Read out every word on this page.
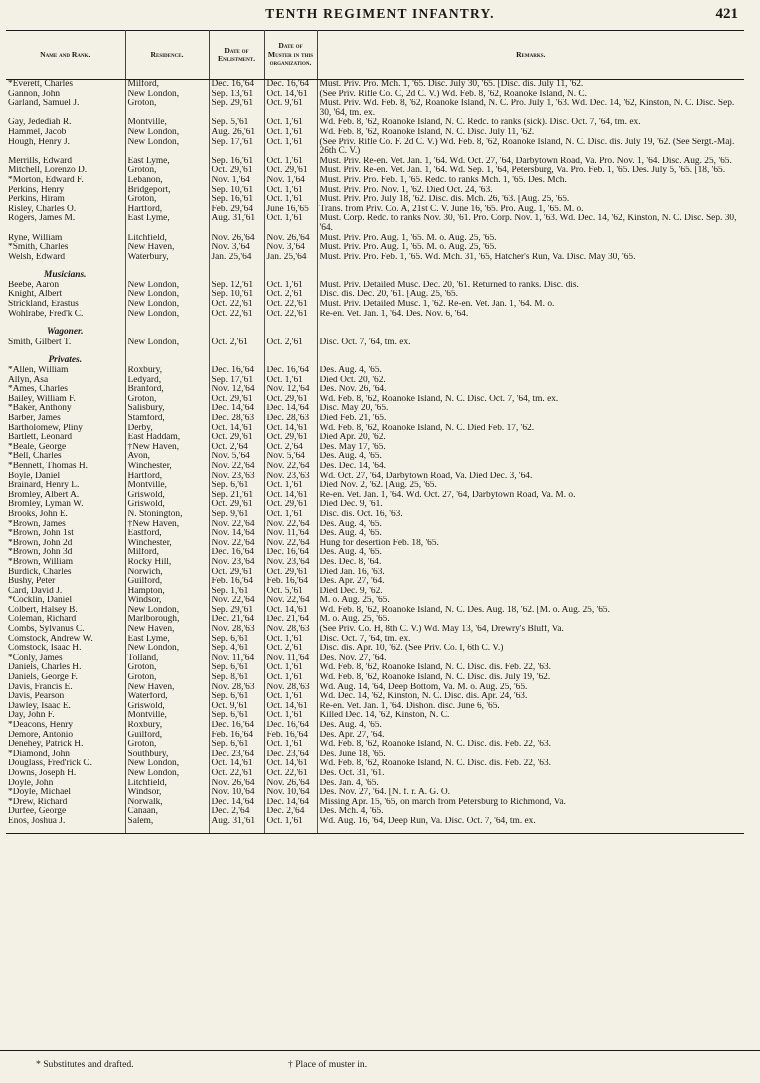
TENTH REGIMENT INFANTRY.	421
Name and Rank.	Residence.	Date of Enlistment.	Date of Muster in this organization.	Remarks.
*Everett, Charles	Milford,	Dec. 16,'64	Dec. 16,'64	Must. Priv. Pro. Mch. 1, '65. Disc. July 30, '65. [Disc. dis. July 11, '62.
Gannon, John	New London,	Sep. 13,'61	Oct. 14,'61	(See Priv. Rifle Co. C, 2d C. V.) Wd. Feb. 8, '62, Roanoke Island, N. C.
Garland, Samuel J.	Groton,	Sep. 29,'61	Oct. 9,'61	Must. Priv. Wd. Feb. 8, '62, Roanoke Island, N. C. Pro. July 1, '63. Wd. Dec. 14, '62, Kinston, N. C. Disc. Sep. 30, '64, tm. ex.
Gay, Jedediah R.	Montville,	Sep. 5,'61	Oct. 1,'61	Wd. Feb. 8, '62, Roanoke Island, N. C. Redc. to ranks (sick). Disc. Oct. 7, '64, tm. ex.
Hammel, Jacob	New London,	Aug. 26,'61	Oct. 1,'61	Wd. Feb. 8, '62, Roanoke Island, N. C. Disc. July 11, '62.
Hough, Henry J.	New London,	Sep. 17,'61	Oct. 1,'61	(See Priv. Rifle Co. F. 2d C. V.) Wd. Feb. 8, '62, Roanoke Island, N. C. Disc. dis. July 19, '62. (See Sergt.-Maj. 26th C. V.)
Merrills, Edward	East Lyme,	Sep. 16,'61	Oct. 1,'61	Must. Priv. Re-en. Vet. Jan. 1, '64. Wd. Oct. 27, '64, Darbytown Road, Va. Pro. Nov. 1, '64. Disc. Aug. 25, '65.
Mitchell, Lorenzo D.	Groton,	Oct. 29,'61	Oct. 29,'61	Must. Priv. Re-en. Vet. Jan. 1, '64. Wd. Sep. 1, '64, Petersburg, Va. Pro. Feb. 1, '65. Des. July 5, '65. [18, '65.
*Morton, Edward F.	Lebanon,	Nov. 1,'64	Nov. 1,'64	Must. Priv. Pro. Feb. 1, '65. Redc. to ranks Mch. 1, '65. Des. Mch.
Perkins, Henry	Bridgeport,	Sep. 10,'61	Oct. 1,'61	Must. Priv. Pro. Nov. 1, '62. Died Oct. 24, '63.
Perkins, Hiram	Groton,	Sep. 16,'61	Oct. 1,'61	Must. Priv. Pro. July 18, '62. Disc. dis. Mch. 26, '63. [Aug. 25, '65.
Risley, Charles O.	Hartford,	Feb. 29,'64	June 16,'65	Trans. from Priv. Co. A, 21st C. V. June 16, '65. Pro. Aug. 1, '65. M. o.
Rogers, James M.	East Lyme,	Aug. 31,'61	Oct. 1,'61	Must. Corp. Redc. to ranks Nov. 30, '61. Pro. Corp. Nov. 1, '63. Wd. Dec. 14, '62, Kinston, N. C. Disc. Sep. 30, '64.
Ryne, William	Litchfield,	Nov. 26,'64	Nov. 26,'64	Must. Priv. Pro. Aug. 1, '65. M. o. Aug. 25, '65.
*Smith, Charles	New Haven,	Nov. 3,'64	Nov. 3,'64	Must. Priv. Pro. Aug. 1, '65. M. o. Aug. 25, '65.
Welsh, Edward	Waterbury,	Jan. 25,'64	Jan. 25,'64	Must. Priv. Pro. Feb. 1, '65. Wd. Mch. 31, '65, Hatcher's Run, Va. Disc. May 30, '65.

Musicians.				
Beebe, Aaron	New London,	Sep. 12,'61	Oct. 1,'61	Must. Priv. Detailed Musc. Dec. 20, '61. Returned to ranks. Disc. dis.
Knight, Albert	New London,	Sep. 10,'61	Oct. 2,'61	Disc. dis. Dec. 20, '61. [Aug. 25, '65.
Strickland, Erastus	New London,	Oct. 22,'61	Oct. 22,'61	Must. Priv. Detailed Musc. 1, '62. Re-en. Vet. Jan. 1, '64. M. o.
Wohlrabe, Fred'k C.	New London,	Oct. 22,'61	Oct. 22,'61	Re-en. Vet. Jan. 1, '64. Des. Nov. 6, '64.

Wagoner.				
Smith, Gilbert T.	New London,	Oct. 2,'61	Oct. 2,'61	Disc. Oct. 7, '64, tm. ex.

Privates.				
*Allen, William	Roxbury,	Dec. 16,'64	Dec. 16,'64	Des. Aug. 4, '65.
Allyn, Asa	Ledyard,	Sep. 17,'61	Oct. 1,'61	Died Oct. 20, '62.
*Ames, Charles	Branford,	Nov. 12,'64	Nov. 12,'64	Des. Nov. 26, '64.
Bailey, William F.	Groton,	Oct. 29,'61	Oct. 29,'61	Wd. Feb. 8, '62, Roanoke Island, N. C. Disc. Oct. 7, '64, tm. ex.
*Baker, Anthony	Salisbury,	Dec. 14,'64	Dec. 14,'64	Disc. May 20, '65.
Barber, James	Stamford,	Dec. 28,'63	Dec. 28,'63	Died Feb. 21, '65.
Bartholomew, Pliny	Derby,	Oct. 14,'61	Oct. 14,'61	Wd. Feb. 8, '62, Roanoke Island, N. C. Died Feb. 17, '62.
Bartlett, Leonard	East Haddam,	Oct. 29,'61	Oct. 29,'61	Died Apr. 20, '62.
*Beale, George	†New Haven,	Oct. 2,'64	Oct. 2,'64	Des. May 17, '65.
*Bell, Charles	Avon,	Nov. 5,'64	Nov. 5,'64	Des. Aug. 4, '65.
*Bennett, Thomas H.	Winchester,	Nov. 22,'64	Nov. 22,'64	Des. Dec. 14, '64.
Boyle, Daniel	Hartford,	Nov. 23,'63	Nov. 23,'63	Wd. Oct. 27, '64, Darbytown Road, Va. Died Dec. 3, '64.
Brainard, Henry L.	Montville,	Sep. 6,'61	Oct. 1,'61	Died Nov. 2, '62. [Aug. 25, '65.
Bromley, Albert A.	Griswold,	Sep. 21,'61	Oct. 14,'61	Re-en. Vet. Jan. 1, '64. Wd. Oct. 27, '64, Darbytown Road, Va. M. o.
Bromley, Lyman W.	Griswold,	Oct. 29,'61	Oct. 29,'61	Died Dec. 9, '61.
Brooks, John E.	N. Stonington,	Sep. 9,'61	Oct. 1,'61	Disc. dis. Oct. 16, '63.
*Brown, James	†New Haven,	Nov. 22,'64	Nov. 22,'64	Des. Aug. 4, '65.
*Brown, John 1st	Eastford,	Nov. 14,'64	Nov. 11,'64	Des. Aug. 4, '65.
*Brown, John 2d	Winchester,	Nov. 22,'64	Nov. 22,'64	Hung for desertion Feb. 18, '65.
*Brown, John 3d	Milford,	Dec. 16,'64	Dec. 16,'64	Des. Aug. 4, '65.
*Brown, William	Rocky Hill,	Nov. 23,'64	Nov. 23,'64	Des. Dec. 8, '64.
Burdick, Charles	Norwich,	Oct. 29,'61	Oct. 29,'61	Died Jan. 16, '63.
Bushy, Peter	Guilford,	Feb. 16,'64	Feb. 16,'64	Des. Apr. 27, '64.
Card, David J.	Hampton,	Sep. 1,'61	Oct. 5,'61	Died Dec. 9, '62.
*Cocklin, Daniel	Windsor,	Nov. 22,'64	Nov. 22,'64	M. o. Aug. 25, '65.
Colbert, Halsey B.	New London,	Sep. 29,'61	Oct. 14,'61	Wd. Feb. 8, '62, Roanoke Island, N. C. Des. Aug. 18, '62. [M. o. Aug. 25, '65.
Coleman, Richard	Marlborough,	Dec. 21,'64	Dec. 21,'64	M. o. Aug. 25, '65.
Combs, Sylvanus C.	New Haven,	Nov. 28,'63	Nov. 28,'63	(See Priv. Co. H, 8th C. V.) Wd. May 13, '64, Drewry's Bluff, Va.
Comstock, Andrew W.	East Lyme,	Sep. 6,'61	Oct. 1,'61	Disc. Oct. 7, '64, tm. ex.
Comstock, Isaac H.	New London,	Sep. 4,'61	Oct. 2,'61	Disc. dis. Apr. 10, '62. (See Priv. Co. I, 6th C. V.)
*Conly, James	Tolland,	Nov. 11,'64	Nov. 11,'64	Des. Nov. 27, '64.
Daniels, Charles H.	Groton,	Sep. 6,'61	Oct. 1,'61	Wd. Feb. 8, '62, Roanoke Island, N. C. Disc. dis. Feb. 22, '63.
Daniels, George F.	Groton,	Sep. 8,'61	Oct. 1,'61	Wd. Feb. 8, '62, Roanoke Island, N. C. Disc. dis. July 19, '62.
Davis, Francis E.	New Haven,	Nov. 28,'63	Nov. 28,'63	Wd. Aug. 14, '64, Deep Bottom, Va. M. o. Aug. 25, '65.
Davis, Pearson	Waterford,	Sep. 6,'61	Oct. 1,'61	Wd. Dec. 14, '62, Kinston, N. C. Disc. dis. Apr. 24, '63.
Dawley, Isaac E.	Griswold,	Oct. 9,'61	Oct. 14,'61	Re-en. Vet. Jan. 1, '64. Dishon. disc. June 6, '65.
Day, John F.	Montville,	Sep. 6,'61	Oct. 1,'61	Killed Dec. 14, '62, Kinston, N. C.
*Deacons, Henry	Roxbury,	Dec. 16,'64	Dec. 16,'64	Des. Aug. 4, '65.
Demore, Antonio	Guilford,	Feb. 16,'64	Feb. 16,'64	Des. Apr. 27, '64.
Denehey, Patrick H.	Groton,	Sep. 6,'61	Oct. 1,'61	Wd. Feb. 8, '62, Roanoke Island, N. C. Disc. dis. Feb. 22, '63.
*Diamond, John	Southbury,	Dec. 23,'64	Dec. 23,'64	Des. June 18, '65.
Douglass, Fred'rick C.	New London,	Oct. 14,'61	Oct. 14,'61	Wd. Feb. 8, '62, Roanoke Island, N. C. Disc. dis. Feb. 22, '63.
Downs, Joseph H.	New London,	Oct. 22,'61	Oct. 22,'61	Des. Oct. 31, '61.
Doyle, John	Litchfield,	Nov. 26,'64	Nov. 26,'64	Des. Jan. 4, '65.
*Doyle, Michael	Windsor,	Nov. 10,'64	Nov. 10,'64	Des. Nov. 27, '64. [N. f. r. A. G. O.
*Drew, Richard	Norwalk,	Dec. 14,'64	Dec. 14,'64	Missing Apr. 15, '65, on march from Petersburg to Richmond, Va.
Durfee, George	Canaan,	Dec. 2,'64	Dec. 2,'64	Des. Mch. 4, '65.
Enos, Joshua J.	Salem,	Aug. 31,'61	Oct. 1,'61	Wd. Aug. 16, '64, Deep Run, Va. Disc. Oct. 7, '64, tm. ex.

* Substitutes and drafted.	† Place of muster in.
